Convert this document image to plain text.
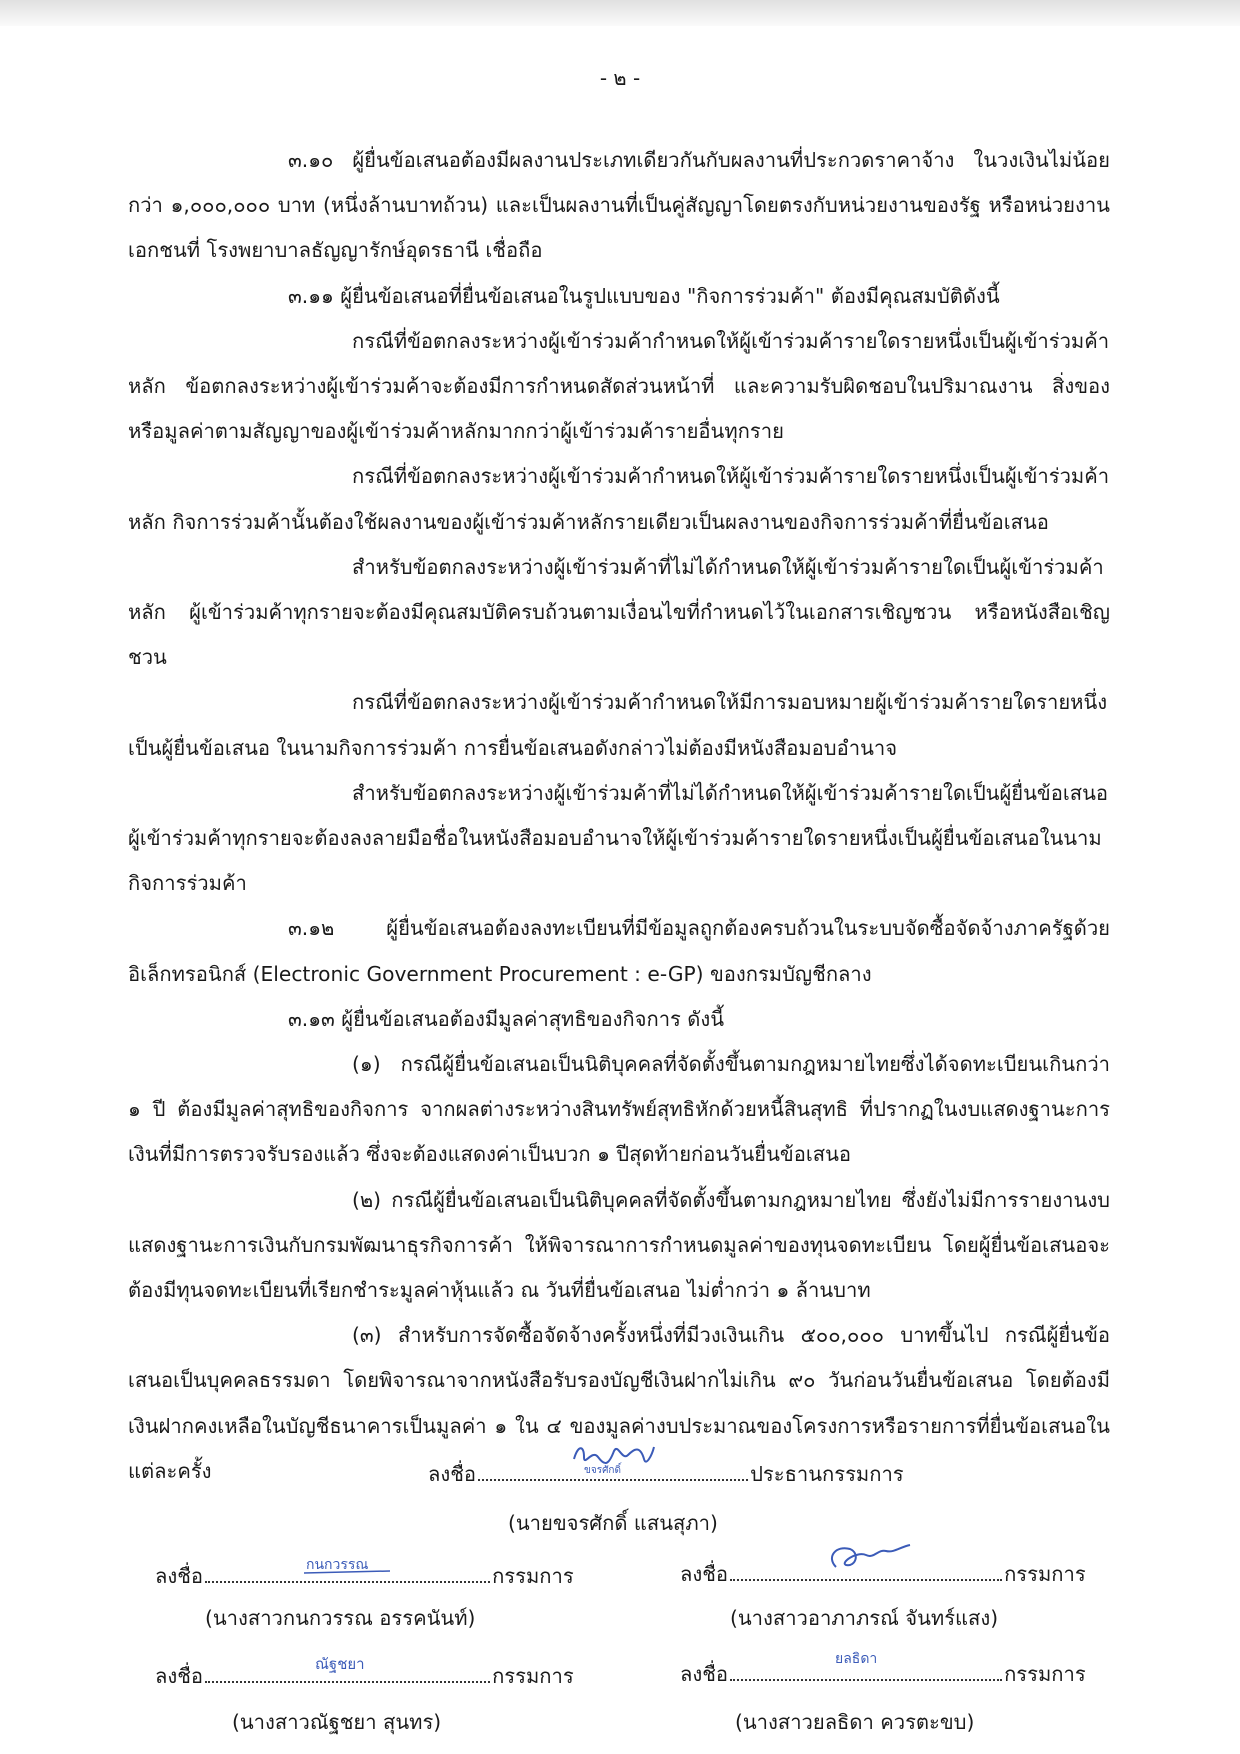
- ๒ -

๓.๑๐ ผู้ยื่นข้อเสนอต้องมีผลงานประเภทเดียวกันกับผลงานที่ประกวดราคาจ้าง ในวงเงินไม่น้อยกว่า ๑,๐๐๐,๐๐๐ บาท (หนึ่งล้านบาทถ้วน) และเป็นผลงานที่เป็นคู่สัญญาโดยตรงกับหน่วยงานของรัฐ หรือหน่วยงานเอกชนที่ โรงพยาบาลธัญญารักษ์อุดรธานี เชื่อถือ

๓.๑๑ ผู้ยื่นข้อเสนอที่ยื่นข้อเสนอในรูปแบบของ "กิจการร่วมค้า" ต้องมีคุณสมบัติดังนี้

กรณีที่ข้อตกลงระหว่างผู้เข้าร่วมค้ากำหนดให้ผู้เข้าร่วมค้ารายใดรายหนึ่งเป็นผู้เข้าร่วมค้าหลัก ข้อตกลงระหว่างผู้เข้าร่วมค้าจะต้องมีการกำหนดสัดส่วนหน้าที่ และความรับผิดชอบในปริมาณงาน สิ่งของ หรือมูลค่าตามสัญญาของผู้เข้าร่วมค้าหลักมากกว่าผู้เข้าร่วมค้ารายอื่นทุกราย

กรณีที่ข้อตกลงระหว่างผู้เข้าร่วมค้ากำหนดให้ผู้เข้าร่วมค้ารายใดรายหนึ่งเป็นผู้เข้าร่วมค้าหลัก กิจการร่วมค้านั้นต้องใช้ผลงานของผู้เข้าร่วมค้าหลักรายเดียวเป็นผลงานของกิจการร่วมค้าที่ยื่นข้อเสนอ

สำหรับข้อตกลงระหว่างผู้เข้าร่วมค้าที่ไม่ได้กำหนดให้ผู้เข้าร่วมค้ารายใดเป็นผู้เข้าร่วมค้าหลัก ผู้เข้าร่วมค้าทุกรายจะต้องมีคุณสมบัติครบถ้วนตามเงื่อนไขที่กำหนดไว้ในเอกสารเชิญชวน หรือหนังสือเชิญชวน

กรณีที่ข้อตกลงระหว่างผู้เข้าร่วมค้ากำหนดให้มีการมอบหมายผู้เข้าร่วมค้ารายใดรายหนึ่งเป็นผู้ยื่นข้อเสนอ ในนามกิจการร่วมค้า การยื่นข้อเสนอดังกล่าวไม่ต้องมีหนังสือมอบอำนาจ

สำหรับข้อตกลงระหว่างผู้เข้าร่วมค้าที่ไม่ได้กำหนดให้ผู้เข้าร่วมค้ารายใดเป็นผู้ยื่นข้อเสนอ ผู้เข้าร่วมค้าทุกรายจะต้องลงลายมือชื่อในหนังสือมอบอำนาจให้ผู้เข้าร่วมค้ารายใดรายหนึ่งเป็นผู้ยื่นข้อเสนอในนามกิจการร่วมค้า

๓.๑๒ ผู้ยื่นข้อเสนอต้องลงทะเบียนที่มีข้อมูลถูกต้องครบถ้วนในระบบจัดซื้อจัดจ้างภาครัฐด้วยอิเล็กทรอนิกส์ (Electronic Government Procurement : e-GP) ของกรมบัญชีกลาง

๓.๑๓ ผู้ยื่นข้อเสนอต้องมีมูลค่าสุทธิของกิจการ ดังนี้

(๑) กรณีผู้ยื่นข้อเสนอเป็นนิติบุคคลที่จัดตั้งขึ้นตามกฎหมายไทยซึ่งได้จดทะเบียนเกินกว่า ๑ ปี ต้องมีมูลค่าสุทธิของกิจการ จากผลต่างระหว่างสินทรัพย์สุทธิหักด้วยหนี้สินสุทธิ ที่ปรากฏในงบแสดงฐานะการเงินที่มีการตรวจรับรองแล้ว ซึ่งจะต้องแสดงค่าเป็นบวก ๑ ปีสุดท้ายก่อนวันยื่นข้อเสนอ

(๒) กรณีผู้ยื่นข้อเสนอเป็นนิติบุคคลที่จัดตั้งขึ้นตามกฎหมายไทย ซึ่งยังไม่มีการรายงานงบแสดงฐานะการเงินกับกรมพัฒนาธุรกิจการค้า ให้พิจารณาการกำหนดมูลค่าของทุนจดทะเบียน โดยผู้ยื่นข้อเสนอจะต้องมีทุนจดทะเบียนที่เรียกชำระมูลค่าหุ้นแล้ว ณ วันที่ยื่นข้อเสนอ ไม่ต่ำกว่า ๑ ล้านบาท

(๓) สำหรับการจัดซื้อจัดจ้างครั้งหนึ่งที่มีวงเงินเกิน ๕๐๐,๐๐๐ บาทขึ้นไป กรณีผู้ยื่นข้อเสนอเป็นบุคคลธรรมดา โดยพิจารณาจากหนังสือรับรองบัญชีเงินฝากไม่เกิน ๙๐ วันก่อนวันยื่นข้อเสนอ โดยต้องมีเงินฝากคงเหลือในบัญชีธนาคารเป็นมูลค่า ๑ ใน ๔ ของมูลค่างบประมาณของโครงการหรือรายการที่ยื่นข้อเสนอในแต่ละครั้ง	ลงชื่อ	ขจรศักดิ์	ประธานกรรมการ
(นายขจรศักดิ์ แสนสุภา)
ลงชื่อ	กนกวรรณ	กรรมการ
(นางสาวกนกวรรณ อรรคนันท์)
ลงชื่อ	กรรมการ
(นางสาวอาภาภรณ์ จันทร์แสง)
ลงชื่อ	ณัฐชยา	กรรมการ
(นางสาวณัฐชยา สุนทร)
ลงชื่อ
ยลธิดา
กรรมการ
(นางสาวยลธิดา ควรตะขบ)
